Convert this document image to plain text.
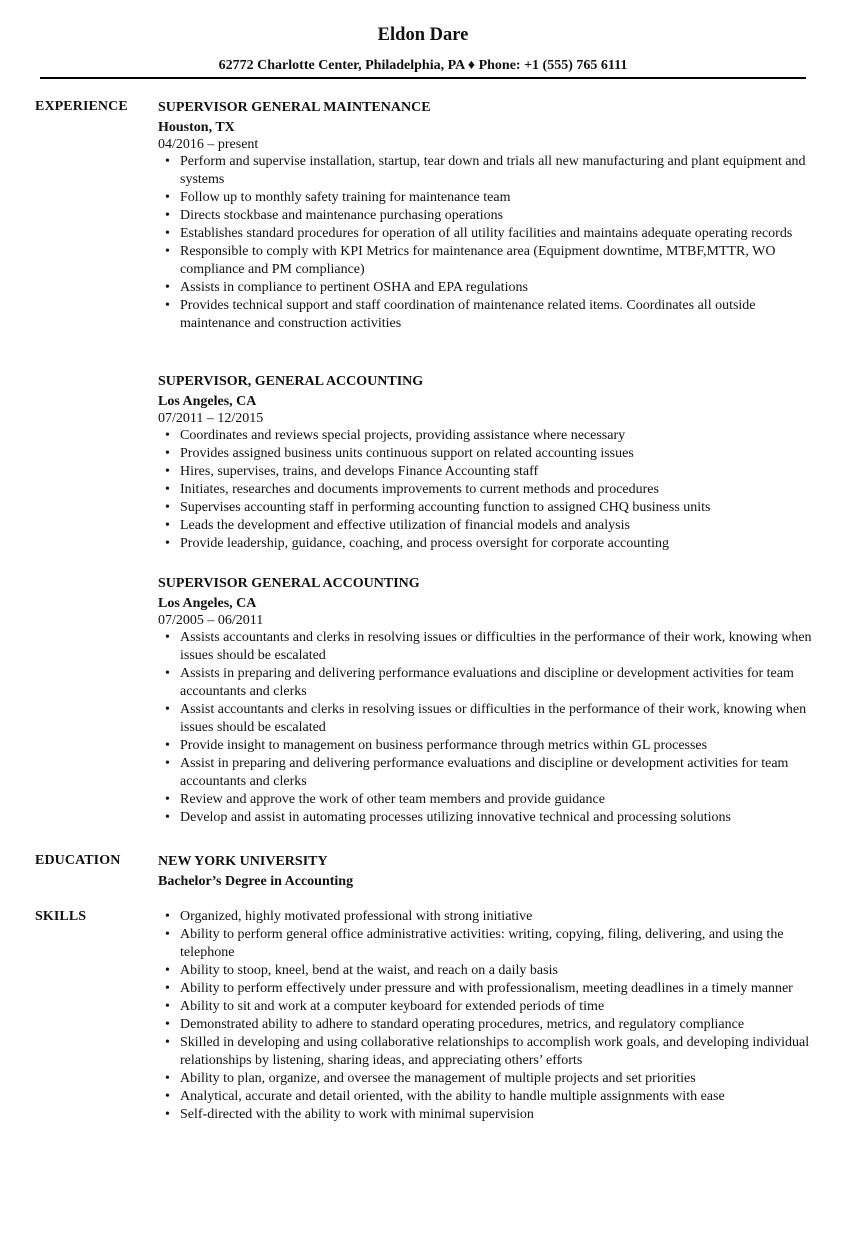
Eldon Dare
62772 Charlotte Center, Philadelphia, PA ♦ Phone: +1 (555) 765 6111
EXPERIENCE SUPERVISOR GENERAL MAINTENANCE
Houston, TX
04/2016 – present
• Perform and supervise installation, startup, tear down and trials all new manufacturing and plant equipment and systems
• Follow up to monthly safety training for maintenance team
• Directs stockbase and maintenance purchasing operations
• Establishes standard procedures for operation of all utility facilities and maintains adequate operating records
• Responsible to comply with KPI Metrics for maintenance area (Equipment downtime, MTBF,MTTR, WO compliance and PM compliance)
• Assists in compliance to pertinent OSHA and EPA regulations
• Provides technical support and staff coordination of maintenance related items. Coordinates all outside maintenance and construction activities
SUPERVISOR, GENERAL ACCOUNTING
Los Angeles, CA
07/2011 – 12/2015
• Coordinates and reviews special projects, providing assistance where necessary
• Provides assigned business units continuous support on related accounting issues
• Hires, supervises, trains, and develops Finance Accounting staff
• Initiates, researches and documents improvements to current methods and procedures
• Supervises accounting staff in performing accounting function to assigned CHQ business units
• Leads the development and effective utilization of financial models and analysis
• Provide leadership, guidance, coaching, and process oversight for corporate accounting
SUPERVISOR GENERAL ACCOUNTING
Los Angeles, CA
07/2005 – 06/2011
• Assists accountants and clerks in resolving issues or difficulties in the performance of their work, knowing when issues should be escalated
• Assists in preparing and delivering performance evaluations and discipline or development activities for team accountants and clerks
• Assist accountants and clerks in resolving issues or difficulties in the performance of their work, knowing when issues should be escalated
• Provide insight to management on business performance through metrics within GL processes
• Assist in preparing and delivering performance evaluations and discipline or development activities for team accountants and clerks
• Review and approve the work of other team members and provide guidance
• Develop and assist in automating processes utilizing innovative technical and processing solutions
EDUCATION	NEW YORK UNIVERSITY
Bachelor’s Degree in Accounting
SKILLS
•	Organized, highly motivated professional with strong initiative
• Ability to perform general office administrative activities: writing, copying, filing, delivering, and using the telephone
• Ability to stoop, kneel, bend at the waist, and reach on a daily basis
• Ability to perform effectively under pressure and with professionalism, meeting deadlines in a timely manner
• Ability to sit and work at a computer keyboard for extended periods of time
• Demonstrated ability to adhere to standard operating procedures, metrics, and regulatory compliance
• Skilled in developing and using collaborative relationships to accomplish work goals, and developing individual relationships by listening, sharing ideas, and appreciating others’ efforts
• Ability to plan, organize, and oversee the management of multiple projects and set priorities
• Analytical, accurate and detail oriented, with the ability to handle multiple assignments with ease
• Self-directed with the ability to work with minimal supervision
